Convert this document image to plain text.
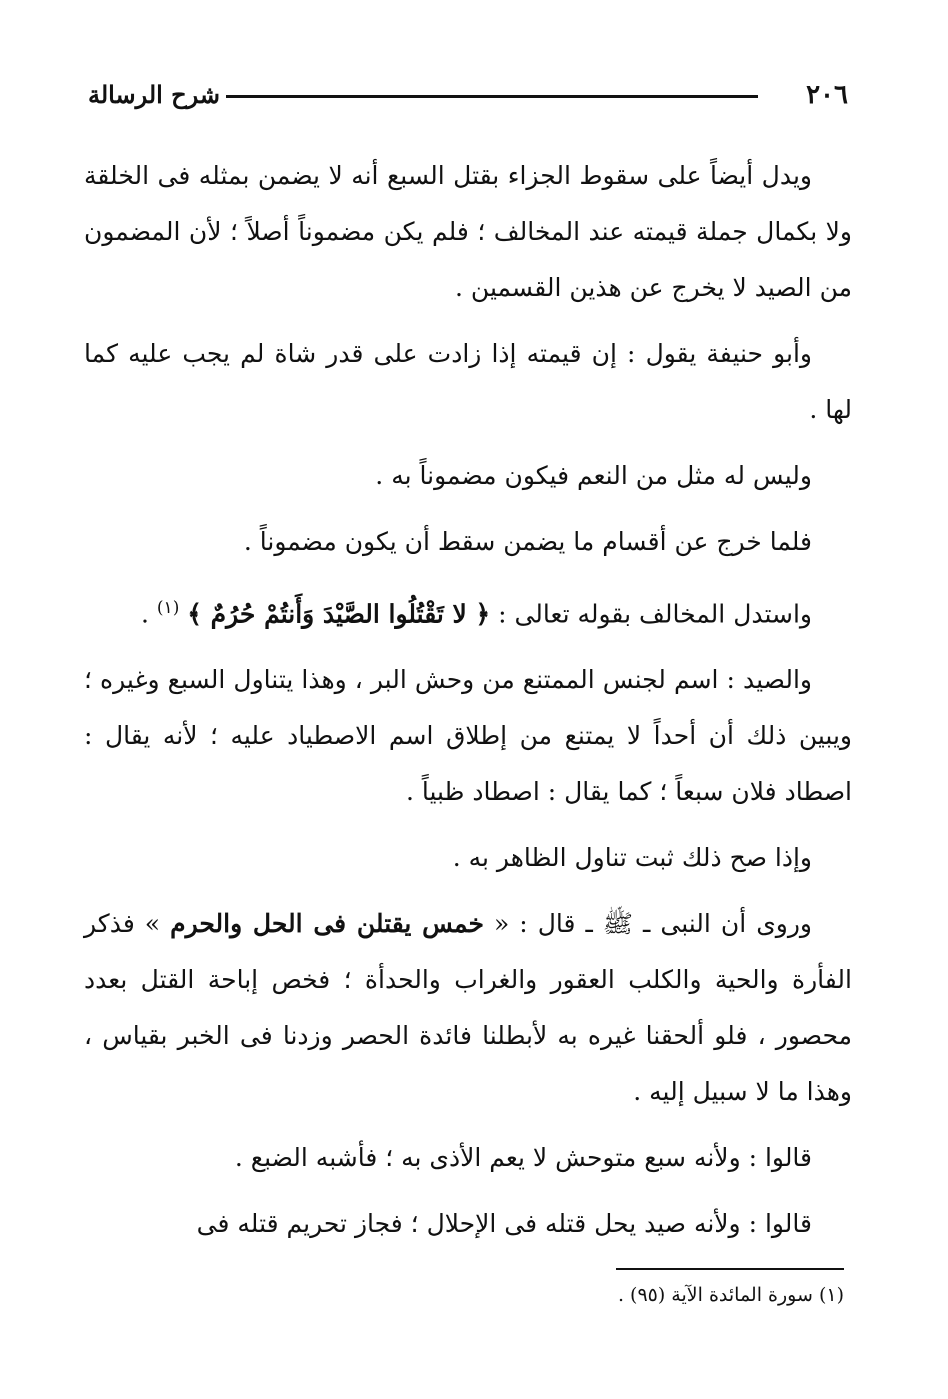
٢٠٦
شرح الرسالة

ويدل أيضاً على سقوط الجزاء بقتل السبع أنه لا يضمن بمثله فى الخلقة ولا بكمال جملة قيمته عند المخالف ؛ فلم يكن مضموناً أصلاً ؛ لأن المضمون من الصيد لا يخرج عن هذين القسمين .

وأبو حنيفة يقول : إن قيمته إذا زادت على قدر شاة لم يجب عليه كما لها .

وليس له مثل من النعم فيكون مضموناً به .

فلما خرج عن أقسام ما يضمن سقط أن يكون مضموناً .

واستدل المخالف بقوله تعالى : ﴿ لا تَقْتُلُوا الصَّيْدَ وَأَنتُمْ حُرُمٌ ﴾ $^{(١)}$ .

والصيد : اسم لجنس الممتنع من وحش البر ، وهذا يتناول السبع وغيره ؛ ويبين ذلك أن أحداً لا يمتنع من إطلاق اسم الاصطياد عليه ؛ لأنه يقال : اصطاد فلان سبعاً ؛ كما يقال : اصطاد ظبياً .

وإذا صح ذلك ثبت تناول الظاهر به .

وروى أن النبى ـ ﷺ ـ قال : « خمس يقتلن فى الحل والحرم » فذكر الفأرة والحية والكلب العقور والغراب والحدأة ؛ فخص إباحة القتل بعدد محصور ، فلو ألحقنا غيره به لأبطلنا فائدة الحصر وزدنا فى الخبر بقياس ، وهذا ما لا سبيل إليه .

قالوا : ولأنه سبع متوحش لا يعم الأذى به ؛ فأشبه الضبع .

قالوا : ولأنه صيد يحل قتله فى الإحلال ؛ فجاز تحريم قتله فى

(١) سورة المائدة الآية (٩٥) .
